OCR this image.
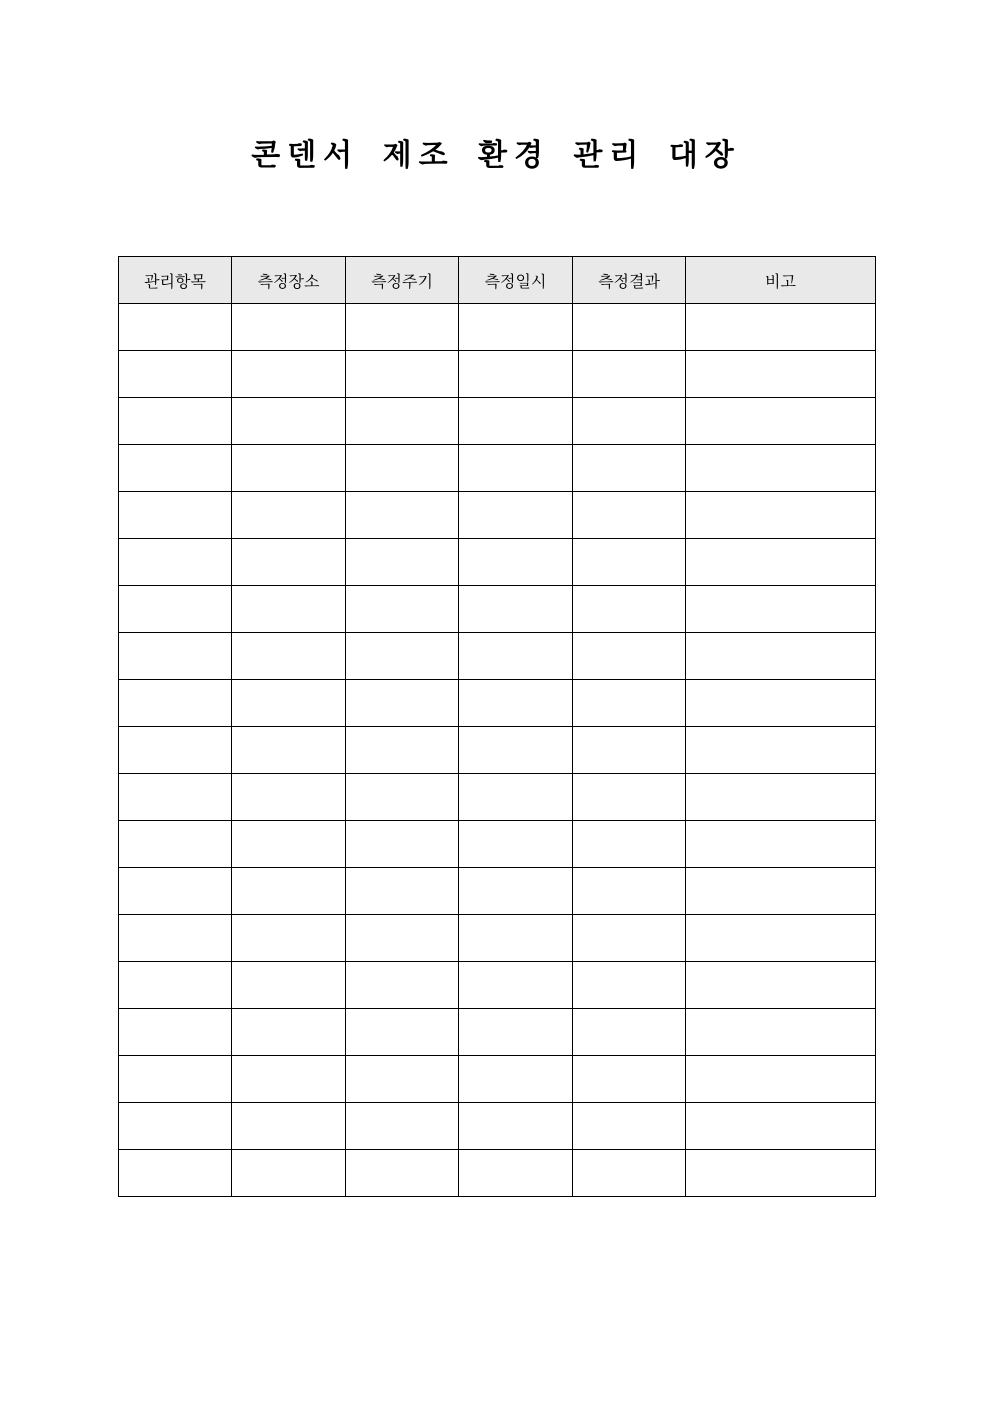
콘덴서 제조 환경 관리 대장
관리항목	측정장소	측정주기	측정일시	측정결과	비고
